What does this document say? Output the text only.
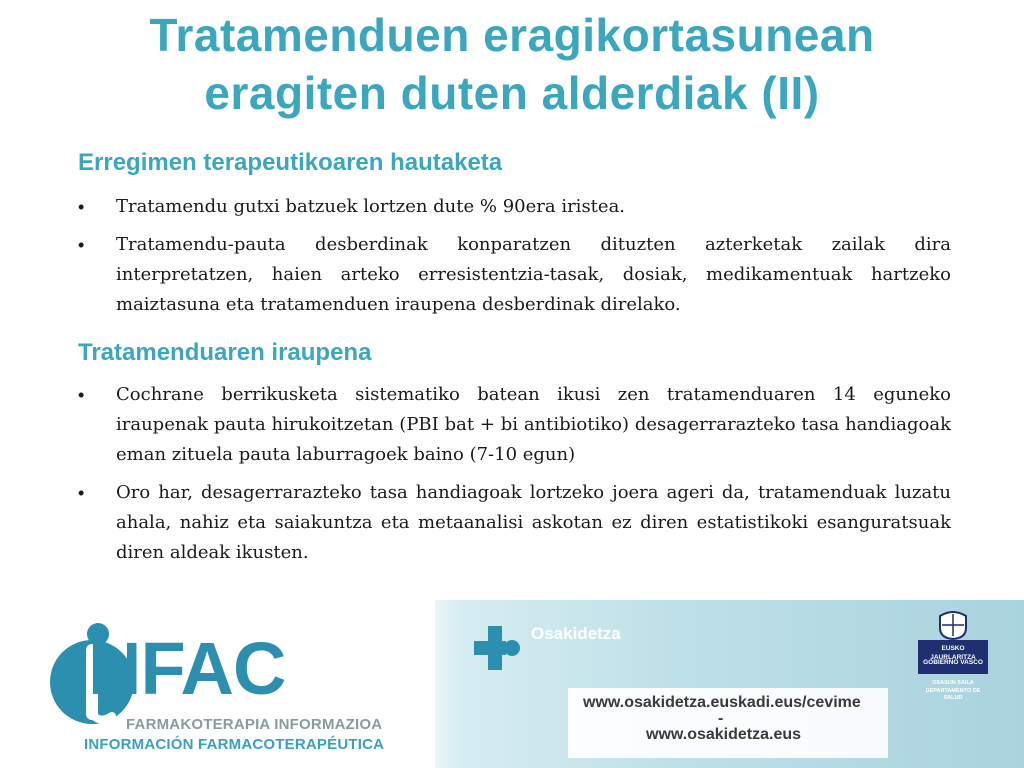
Tratamenduen eragikortasunean
eragiten duten alderdiak (II)
Erregimen terapeutikoaren hautaketa
•	Tratamendu gutxi batzuek lortzen dute % 90era iristea.
•	Tratamendu-pauta desberdinak konparatzen dituzten azterketak zailak dira interpretatzen, haien arteko erresistentzia-tasak, dosiak, medikamentuak hartzeko maiztasuna eta tratamenduen iraupena desberdinak direlako.
Tratamenduaren iraupena
•	Cochrane berrikusketa sistematiko batean ikusi zen tratamenduaren 14 eguneko iraupenak pauta hirukoitzetan (PBI bat + bi antibiotiko) desagerrarazteko tasa handiagoak eman zituela pauta laburragoek baino (7-10 egun)
•	Oro har, desagerrarazteko tasa handiagoak lortzeko joera ageri da, tratamenduak luzatu ahala, nahiz eta saiakuntza eta metaanalisi askotan ez diren estatistikoki esanguratsuak diren aldeak ikusten.
NFAC
FARMAKOTERAPIA INFORMAZIOA
INFORMACIÓN FARMACOTERAPÉUTICA
Osakidetza
www.osakidetza.euskadi.eus/cevime
-
www.osakidetza.eus
EUSKO JAURLARITZA
GOBIERNO VASCO
OSASUN SAILA
DEPARTAMENTO DE SALUD
